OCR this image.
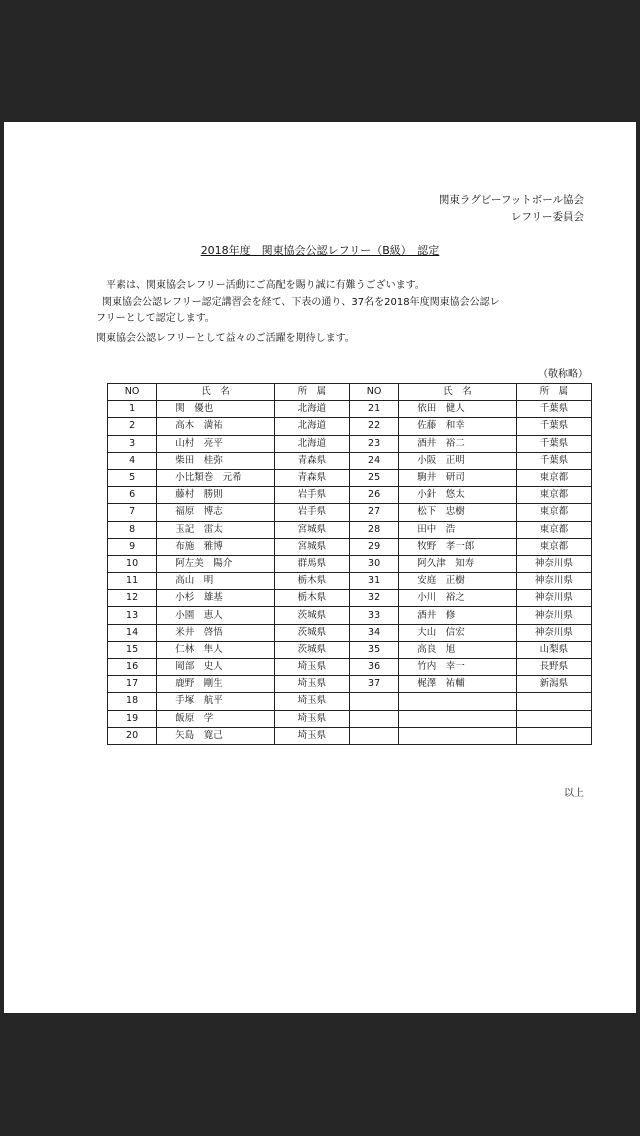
関東ラグビーフットボール協会
レフリー委員会
2018年度　関東協会公認レフリー（B級）　認定
平素は、関東協会レフリー活動にご高配を賜り誠に有難うございます。
関東協会公認レフリー認定講習会を経て、下表の通り、37名を2018年度関東協会公認レ
フリーとして認定します。
関東協会公認レフリーとして益々のご活躍を期待します。
（敬称略）
NO	氏　名	所　属	NO	氏　名	所　属
1	関　優也	北海道	21	依田　健人	千葉県
2	高木　満祐	北海道	22	佐藤　和幸	千葉県
3	山村　亮平	北海道	23	酒井　裕二	千葉県
4	柴田　桂弥	青森県	24	小阪　正明	千葉県
5	小比類巻　元希	青森県	25	駒井　研司	東京都
6	藤村　勝則	岩手県	26	小針　悠太	東京都
7	福原　博志	岩手県	27	松下　忠樹	東京都
8	玉記　雷太	宮城県	28	田中　浩	東京都
9	布施　雅博	宮城県	29	牧野　孝一郎	東京都
10	阿左美　陽介	群馬県	30	阿久津　知寿	神奈川県
11	高山　明	栃木県	31	安庭　正樹	神奈川県
12	小杉　雄基	栃木県	32	小川　裕之	神奈川県
13	小園　恵人	茨城県	33	酒井　修	神奈川県
14	米井　啓悟	茨城県	34	大山　信宏	神奈川県
15	仁林　隼人	茨城県	35	高良　旭	山梨県
16	岡部　史人	埼玉県	36	竹内　幸一	長野県
17	鹿野　剛生	埼玉県	37	梶澤　祐輔	新潟県
18	手塚　航平	埼玉県			
19	飯原　学	埼玉県			
20	矢島　寛己	埼玉県			
以上
